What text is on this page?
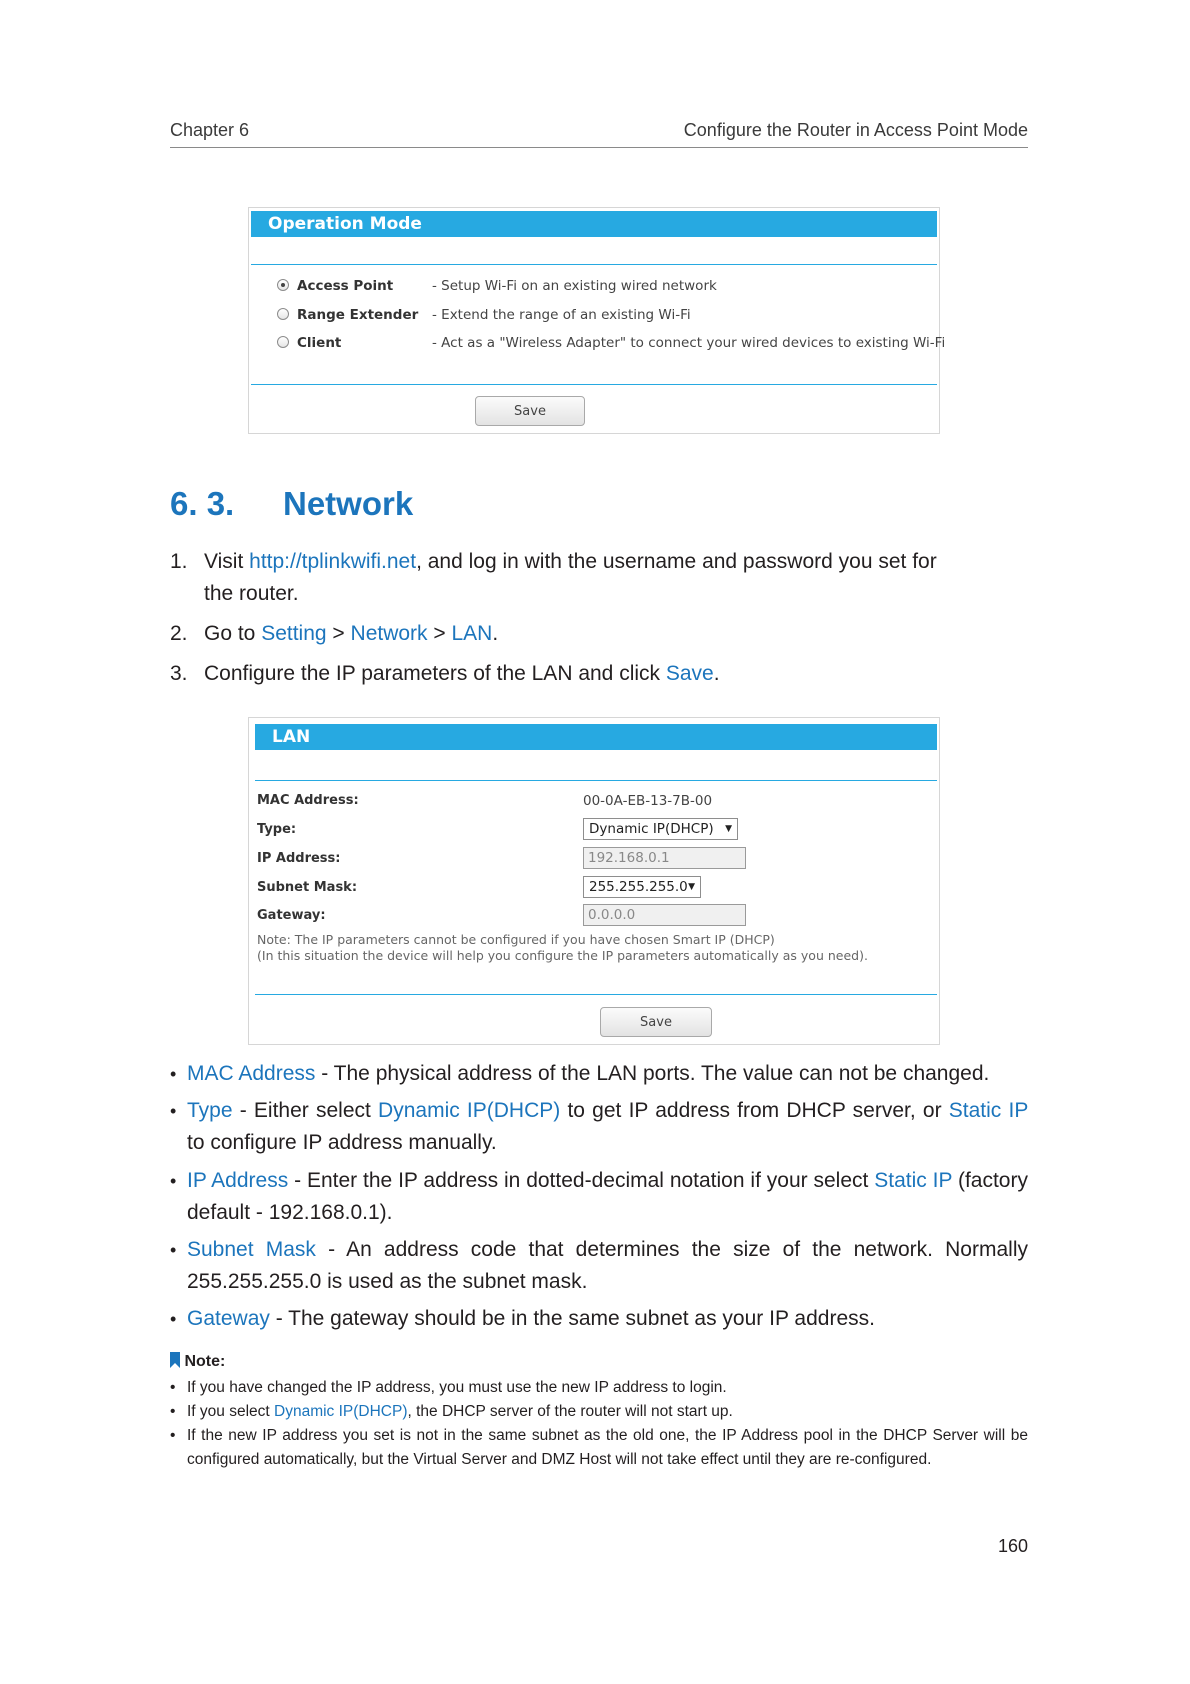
Chapter 6	Configure the Router in Access Point Mode
Operation Mode
Access Point	- Setup Wi-Fi on an existing wired network
Range Extender - Extend the range of an existing Wi-Fi
Client	- Act as a "Wireless Adapter" to connect your wired devices to existing Wi-Fi
Save
6. 3. Network
1. Visit http://tplinkwifi.net, and log in with the username and password you set for
the router.
2. Go to Setting > Network > LAN.
3. Configure the IP parameters of the LAN and click Save.
LAN
MAC Address:	00-0A-EB-13-7B-00
Type:	Dynamic IP(DHCP) ▼
IP Address:	192.168.0.1
Subnet Mask:	255.255.255.0 ▼
Gateway:	0.0.0.0
Note: The IP parameters cannot be configured if you have chosen Smart IP (DHCP)
(In this situation the device will help you configure the IP parameters automatically as you need).
Save
• MAC Address - The physical address of the LAN ports. The value can not be changed.
• Type - Either select Dynamic IP(DHCP) to get IP address from DHCP server, or Static IP to configure IP address manually.
• IP Address - Enter the IP address in dotted-decimal notation if your select Static IP (factory default - 192.168.0.1).
• Subnet Mask - An address code that determines the size of the network. Normally 255.255.255.0 is used as the subnet mask.
• Gateway - The gateway should be in the same subnet as your IP address.
Note:
• If you have changed the IP address, you must use the new IP address to login.
• If you select Dynamic IP(DHCP), the DHCP server of the router will not start up.
• If the new IP address you set is not in the same subnet as the old one, the IP Address pool in the DHCP Server will be configured automatically, but the Virtual Server and DMZ Host will not take effect until they are re-configured.
160
